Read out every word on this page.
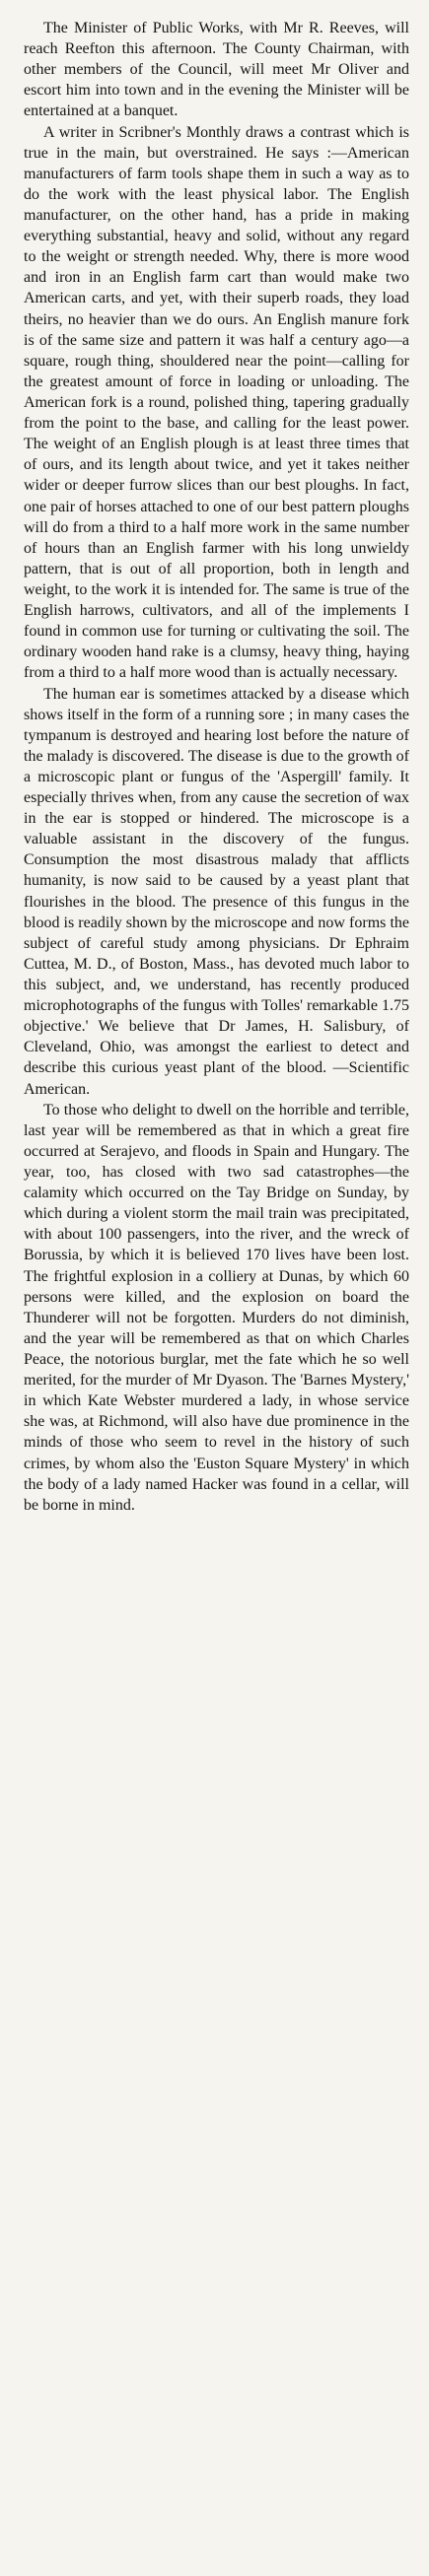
The Minister of Public Works, with Mr R. Reeves, will reach Reefton this afternoon. The County Chairman, with other members of the Council, will meet Mr Oliver and escort him into town and in the evening the Minister will be entertained at a banquet.

A writer in Scribner's Monthly draws a contrast which is true in the main, but overstrained. He says :—American manufacturers of farm tools shape them in such a way as to do the work with the least physical labor. The English manufacturer, on the other hand, has a pride in making everything substantial, heavy and solid, without any regard to the weight or strength needed. Why, there is more wood and iron in an English farm cart than would make two American carts, and yet, with their superb roads, they load theirs, no heavier than we do ours. An English manure fork is of the same size and pattern it was half a century ago—a square, rough thing, shouldered near the point—calling for the greatest amount of force in loading or unloading. The American fork is a round, polished thing, tapering gradually from the point to the base, and calling for the least power. The weight of an English plough is at least three times that of ours, and its length about twice, and yet it takes neither wider or deeper furrow slices than our best ploughs. In fact, one pair of horses attached to one of our best pattern ploughs will do from a third to a half more work in the same number of hours than an English farmer with his long unwieldy pattern, that is out of all proportion, both in length and weight, to the work it is intended for. The same is true of the English harrows, cultivators, and all of the implements I found in common use for turning or cultivating the soil. The ordinary wooden hand rake is a clumsy, heavy thing, haying from a third to a half more wood than is actually necessary.

The human ear is sometimes attacked by a disease which shows itself in the form of a running sore ; in many cases the tympanum is destroyed and hearing lost before the nature of the malady is discovered. The disease is due to the growth of a microscopic plant or fungus of the 'Aspergill' family. It especially thrives when, from any cause the secretion of wax in the ear is stopped or hindered. The microscope is a valuable assistant in the discovery of the fungus. Consumption the most disastrous malady that afflicts humanity, is now said to be caused by a yeast plant that flourishes in the blood. The presence of this fungus in the blood is readily shown by the microscope and now forms the subject of careful study among physicians. Dr Ephraim Cuttea, M. D., of Boston, Mass., has devoted much labor to this subject, and, we understand, has recently produced microphotographs of the fungus with Tolles' remarkable 1.75 objective.' We believe that Dr James, H. Salisbury, of Cleveland, Ohio, was amongst the earliest to detect and describe this curious yeast plant of the blood. —Scientific American.

To those who delight to dwell on the horrible and terrible, last year will be remembered as that in which a great fire occurred at Serajevo, and floods in Spain and Hungary. The year, too, has closed with two sad catastrophes—the calamity which occurred on the Tay Bridge on Sunday, by which during a violent storm the mail train was precipitated, with about 100 passengers, into the river, and the wreck of Borussia, by which it is believed 170 lives have been lost. The frightful explosion in a colliery at Dunas, by which 60 persons were killed, and the explosion on board the Thunderer will not be forgotten. Murders do not diminish, and the year will be remembered as that on which Charles Peace, the notorious burglar, met the fate which he so well merited, for the murder of Mr Dyason. The 'Barnes Mystery,' in which Kate Webster murdered a lady, in whose service she was, at Richmond, will also have due prominence in the minds of those who seem to revel in the history of such crimes, by whom also the 'Euston Square Mystery' in which the body of a lady named Hacker was found in a cellar, will be borne in mind.
